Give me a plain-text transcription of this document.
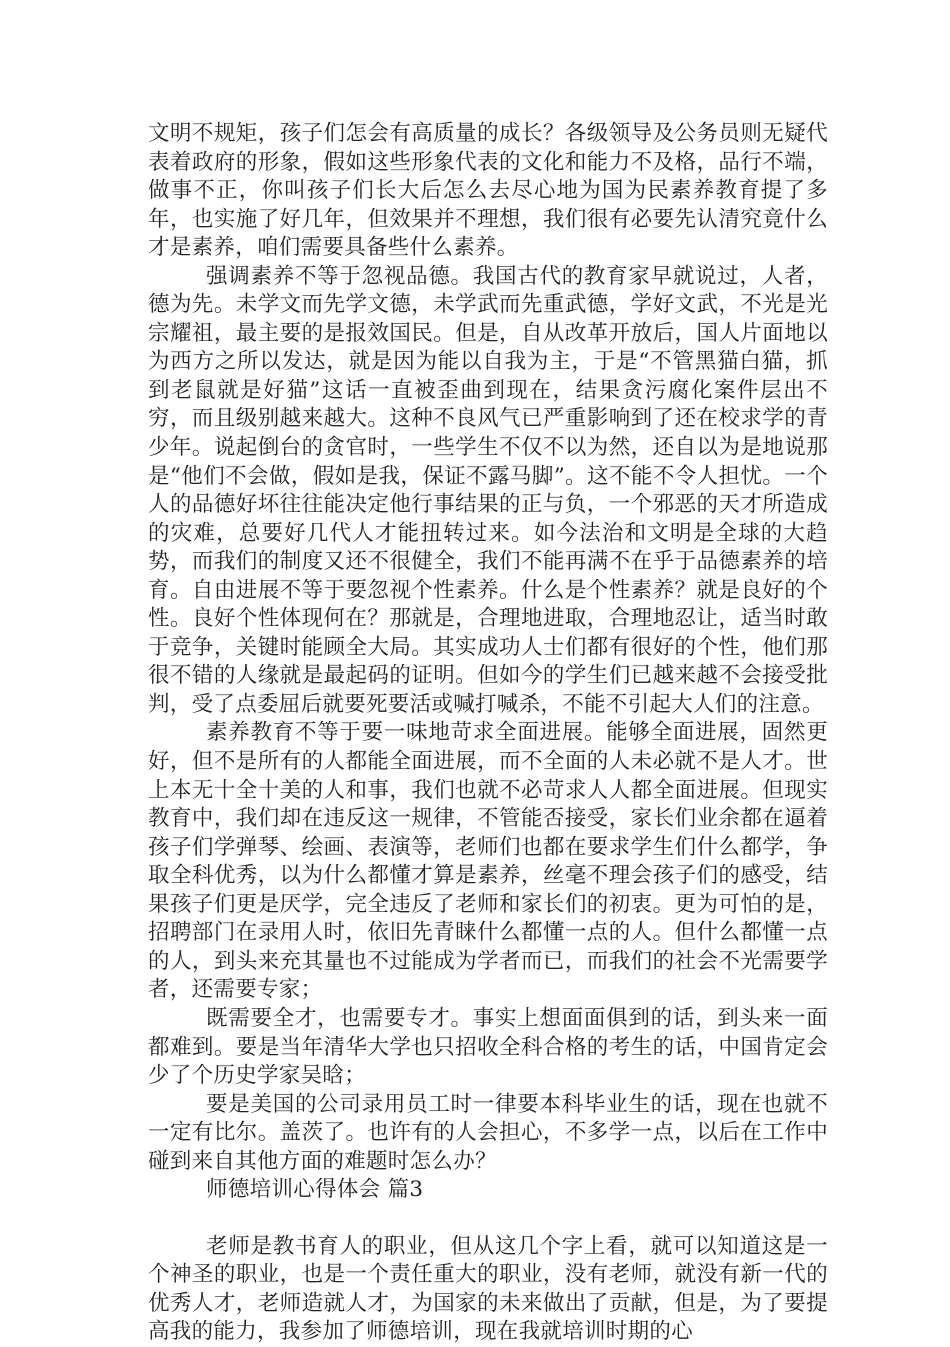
文明不规矩，孩子们怎会有高质量的成长？各级领导及公务员则无疑代表着政府的形象，假如这些形象代表的文化和能力不及格，品行不端，做事不正，你叫孩子们长大后怎么去尽心地为国为民素养教育提了多年，也实施了好几年，但效果并不理想，我们很有必要先认清究竟什么才是素养，咱们需要具备些什么素养。

强调素养不等于忽视品德。我国古代的教育家早就说过，人者，德为先。未学文而先学文德，未学武而先重武德，学好文武，不光是光宗耀祖，最主要的是报效国民。但是，自从改革开放后，国人片面地以为西方之所以发达，就是因为能以自我为主，于是“不管黑猫白猫，抓到老鼠就是好猫”这话一直被歪曲到现在，结果贪污腐化案件层出不穷，而且级别越来越大。这种不良风气已严重影响到了还在校求学的青少年。说起倒台的贪官时，一些学生不仅不以为然，还自以为是地说那是“他们不会做，假如是我，保证不露马脚”。这不能不令人担忧。一个人的品德好坏往往能决定他行事结果的正与负，一个邪恶的天才所造成的灾难，总要好几代人才能扭转过来。如今法治和文明是全球的大趋势，而我们的制度又还不很健全，我们不能再满不在乎于品德素养的培育。自由进展不等于要忽视个性素养。什么是个性素养？就是良好的个性。良好个性体现何在？那就是，合理地进取，合理地忍让，适当时敢于竞争，关键时能顾全大局。其实成功人士们都有很好的个性，他们那很不错的人缘就是最起码的证明。但如今的学生们已越来越不会接受批判，受了点委屈后就要死要活或喊打喊杀，不能不引起大人们的注意。

素养教育不等于要一味地苛求全面进展。能够全面进展，固然更好，但不是所有的人都能全面进展，而不全面的人未必就不是人才。世上本无十全十美的人和事，我们也就不必苛求人人都全面进展。但现实教育中，我们却在违反这一规律，不管能否接受，家长们业余都在逼着孩子们学弹琴、绘画、表演等，老师们也都在要求学生们什么都学，争取全科优秀，以为什么都懂才算是素养，丝毫不理会孩子们的感受，结果孩子们更是厌学，完全违反了老师和家长们的初衷。更为可怕的是，招聘部门在录用人时，依旧先青睐什么都懂一点的人。但什么都懂一点的人，到头来充其量也不过能成为学者而已，而我们的社会不光需要学者，还需要专家；

既需要全才，也需要专才。事实上想面面俱到的话，到头来一面都难到。要是当年清华大学也只招收全科合格的考生的话，中国肯定会少了个历史学家吴晗；

要是美国的公司录用员工时一律要本科毕业生的话，现在也就不一定有比尔。盖茨了。也许有的人会担心，不多学一点，以后在工作中碰到来自其他方面的难题时怎么办？

师德培训心得体会 篇3

老师是教书育人的职业，但从这几个字上看，就可以知道这是一个神圣的职业，也是一个责任重大的职业，没有老师，就没有新一代的优秀人才，老师造就人才，为国家的未来做出了贡献，但是，为了要提高我的能力，我参加了师德培训，现在我就培训时期的心
